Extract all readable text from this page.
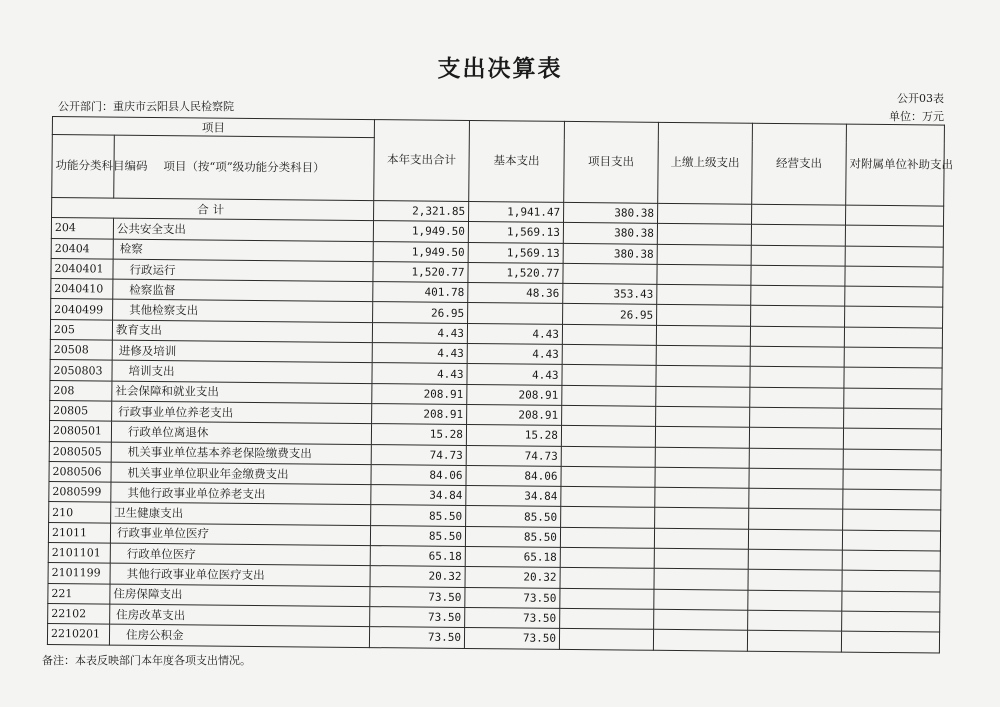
支出决算表
公开部门：重庆市云阳县人民检察院
公开03表
单位：万元
项目		本年支出合计	基本支出	项目支出	上缴上级支出	经营支出	对附属单位补助支出
功能分类科目编码	项目（按“项”级功能分类科目）						
合计		2,321.85	1,941.47	380.38			
204	公共安全支出	1,949.50	1,569.13	380.38			
20404	检察	1,949.50	1,569.13	380.38			
2040401	行政运行	1,520.77	1,520.77				
2040410	检察监督	401.78	48.36	353.43			
2040499	其他检察支出	26.95		26.95			
205	教育支出	4.43	4.43				
20508	进修及培训	4.43	4.43				
2050803	培训支出	4.43	4.43				
208	社会保障和就业支出	208.91	208.91				
20805	行政事业单位养老支出	208.91	208.91				
2080501	行政单位离退休	15.28	15.28				
2080505	机关事业单位基本养老保险缴费支出	74.73	74.73				
2080506	机关事业单位职业年金缴费支出	84.06	84.06				
2080599	其他行政事业单位养老支出	34.84	34.84				
210	卫生健康支出	85.50	85.50				
21011	行政事业单位医疗	85.50	85.50				
2101101	行政单位医疗	65.18	65.18				
2101199	其他行政事业单位医疗支出	20.32	20.32				
221	住房保障支出	73.50	73.50				
22102	住房改革支出	73.50	73.50				
2210201	住房公积金	73.50	73.50				
备注：本表反映部门本年度各项支出情况。
